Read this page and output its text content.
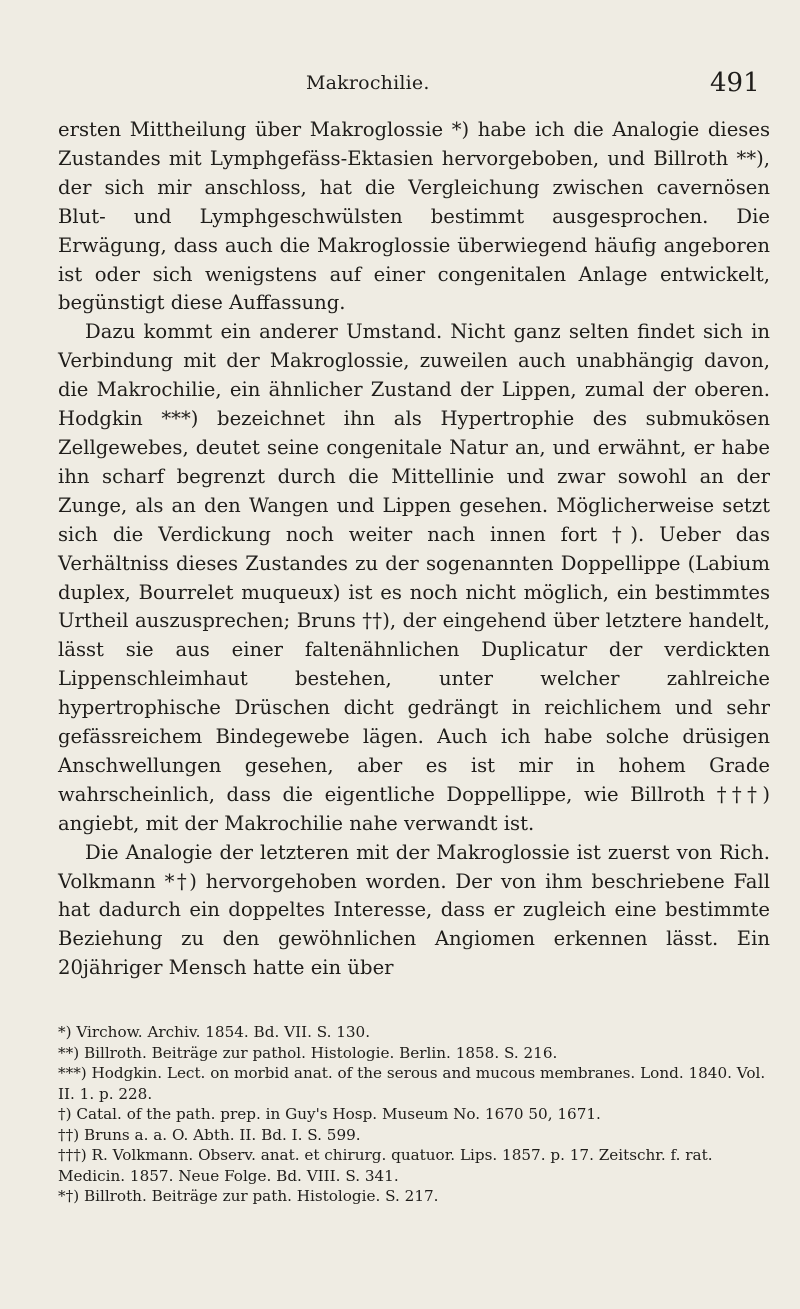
Makrochilie.	491

ersten Mittheilung über Makroglossie *) habe ich die Analogie dieses Zustandes mit Lymphgefäss-Ektasien hervorgeboben, und Billroth **), der sich mir anschloss, hat die Vergleichung zwischen cavernösen Blut- und Lymphgeschwülsten bestimmt ausgesprochen. Die Erwägung, dass auch die Makroglossie überwiegend häufig angeboren ist oder sich wenigstens auf einer congenitalen Anlage entwickelt, begünstigt diese Auffassung.

Dazu kommt ein anderer Umstand. Nicht ganz selten findet sich in Verbindung mit der Makroglossie, zuweilen auch unabhängig davon, die Makrochilie, ein ähnlicher Zustand der Lippen, zumal der oberen. Hodgkin ***) bezeichnet ihn als Hypertrophie des submukösen Zellgewebes, deutet seine congenitale Natur an, und erwähnt, er habe ihn scharf begrenzt durch die Mittellinie und zwar sowohl an der Zunge, als an den Wangen und Lippen gesehen. Möglicherweise setzt sich die Verdickung noch weiter nach innen fort †). Ueber das Verhältniss dieses Zustandes zu der sogenannten Doppellippe (Labium duplex, Bourrelet muqueux) ist es noch nicht möglich, ein bestimmtes Urtheil auszusprechen; Bruns ††), der eingehend über letztere handelt, lässt sie aus einer faltenähnlichen Duplicatur der verdickten Lippenschleimhaut bestehen, unter welcher zahlreiche hypertrophische Drüschen dicht gedrängt in reichlichem und sehr gefässreichem Bindegewebe lägen. Auch ich habe solche drüsigen Anschwellungen gesehen, aber es ist mir in hohem Grade wahrscheinlich, dass die eigentliche Doppellippe, wie Billroth †††) angiebt, mit der Makrochilie nahe verwandt ist.

Die Analogie der letzteren mit der Makroglossie ist zuerst von Rich. Volkmann *†) hervorgehoben worden. Der von ihm beschriebene Fall hat dadurch ein doppeltes Interesse, dass er zugleich eine bestimmte Beziehung zu den gewöhnlichen Angiomen erkennen lässt. Ein 20jähriger Mensch hatte ein über

*) Virchow. Archiv. 1854. Bd. VII. S. 130.

**) Billroth. Beiträge zur pathol. Histologie. Berlin. 1858. S. 216.

***) Hodgkin. Lect. on morbid anat. of the serous and mucous membranes. Lond. 1840. Vol. II. 1. p. 228.

†) Catal. of the path. prep. in Guy's Hosp. Museum No. 1670 50, 1671.

††) Bruns a. a. O. Abth. II. Bd. I. S. 599.

†††) R. Volkmann. Observ. anat. et chirurg. quatuor. Lips. 1857. p. 17. Zeitschr. f. rat. Medicin. 1857. Neue Folge. Bd. VIII. S. 341.

*†) Billroth. Beiträge zur path. Histologie. S. 217.
